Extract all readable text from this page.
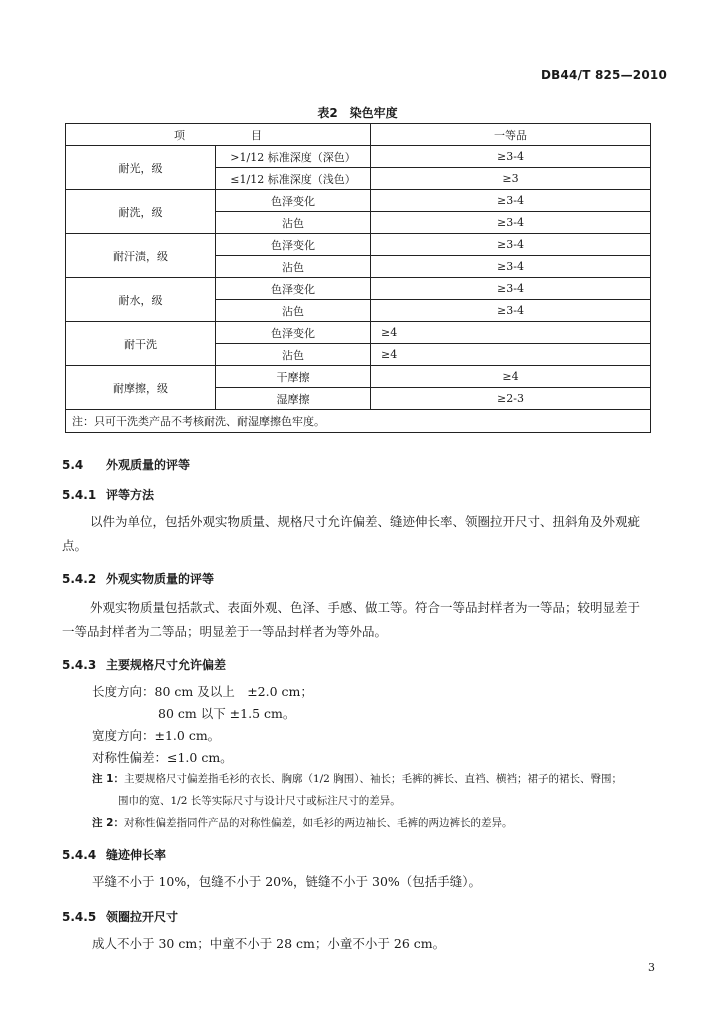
DB44/T 825—2010
表2　染色牢度
项　　　　　　目		一等品
耐光，级	>1/12 标准深度（深色）	≥3-4
	≤1/12 标准深度（浅色）	≥3
耐洗，级	色泽变化	≥3-4
	沾色	≥3-4
耐汗渍，级	色泽变化	≥3-4
	沾色	≥3-4
耐水，级	色泽变化	≥3-4
	沾色	≥3-4
耐干洗	色泽变化	≥4
	沾色	≥4
耐摩擦，级	干摩擦	≥4
	湿摩擦	≥2-3
注：只可干洗类产品不考核耐洗、耐湿摩擦色牢度。		
5.4 外观质量的评等
5.4.1 评等方法
以件为单位，包括外观实物质量、规格尺寸允许偏差、缝迹伸长率、领圈拉开尺寸、扭斜角及外观疵点。
5.4.2 外观实物质量的评等
外观实物质量包括款式、表面外观、色泽、手感、做工等。符合一等品封样者为一等品；较明显差于一等品封样者为二等品；明显差于一等品封样者为等外品。
5.4.3 主要规格尺寸允许偏差
长度方向：80 cm 及以上　±2.0 cm；
80 cm 以下 ±1.5 cm。
宽度方向：±1.0 cm。
对称性偏差：≤1.0 cm。
注 1：主要规格尺寸偏差指毛衫的衣长、胸廓（1/2 胸围）、袖长；毛裤的裤长、直裆、横裆；裙子的裙长、臀围；
围巾的宽、1/2 长等实际尺寸与设计尺寸或标注尺寸的差异。
注 2：对称性偏差指同件产品的对称性偏差，如毛衫的两边袖长、毛裤的两边裤长的差异。
5.4.4 缝迹伸长率
平缝不小于 10%，包缝不小于 20%，链缝不小于 30%（包括手缝）。
5.4.5 领圈拉开尺寸
成人不小于 30 cm；中童不小于 28 cm；小童不小于 26 cm。
3
